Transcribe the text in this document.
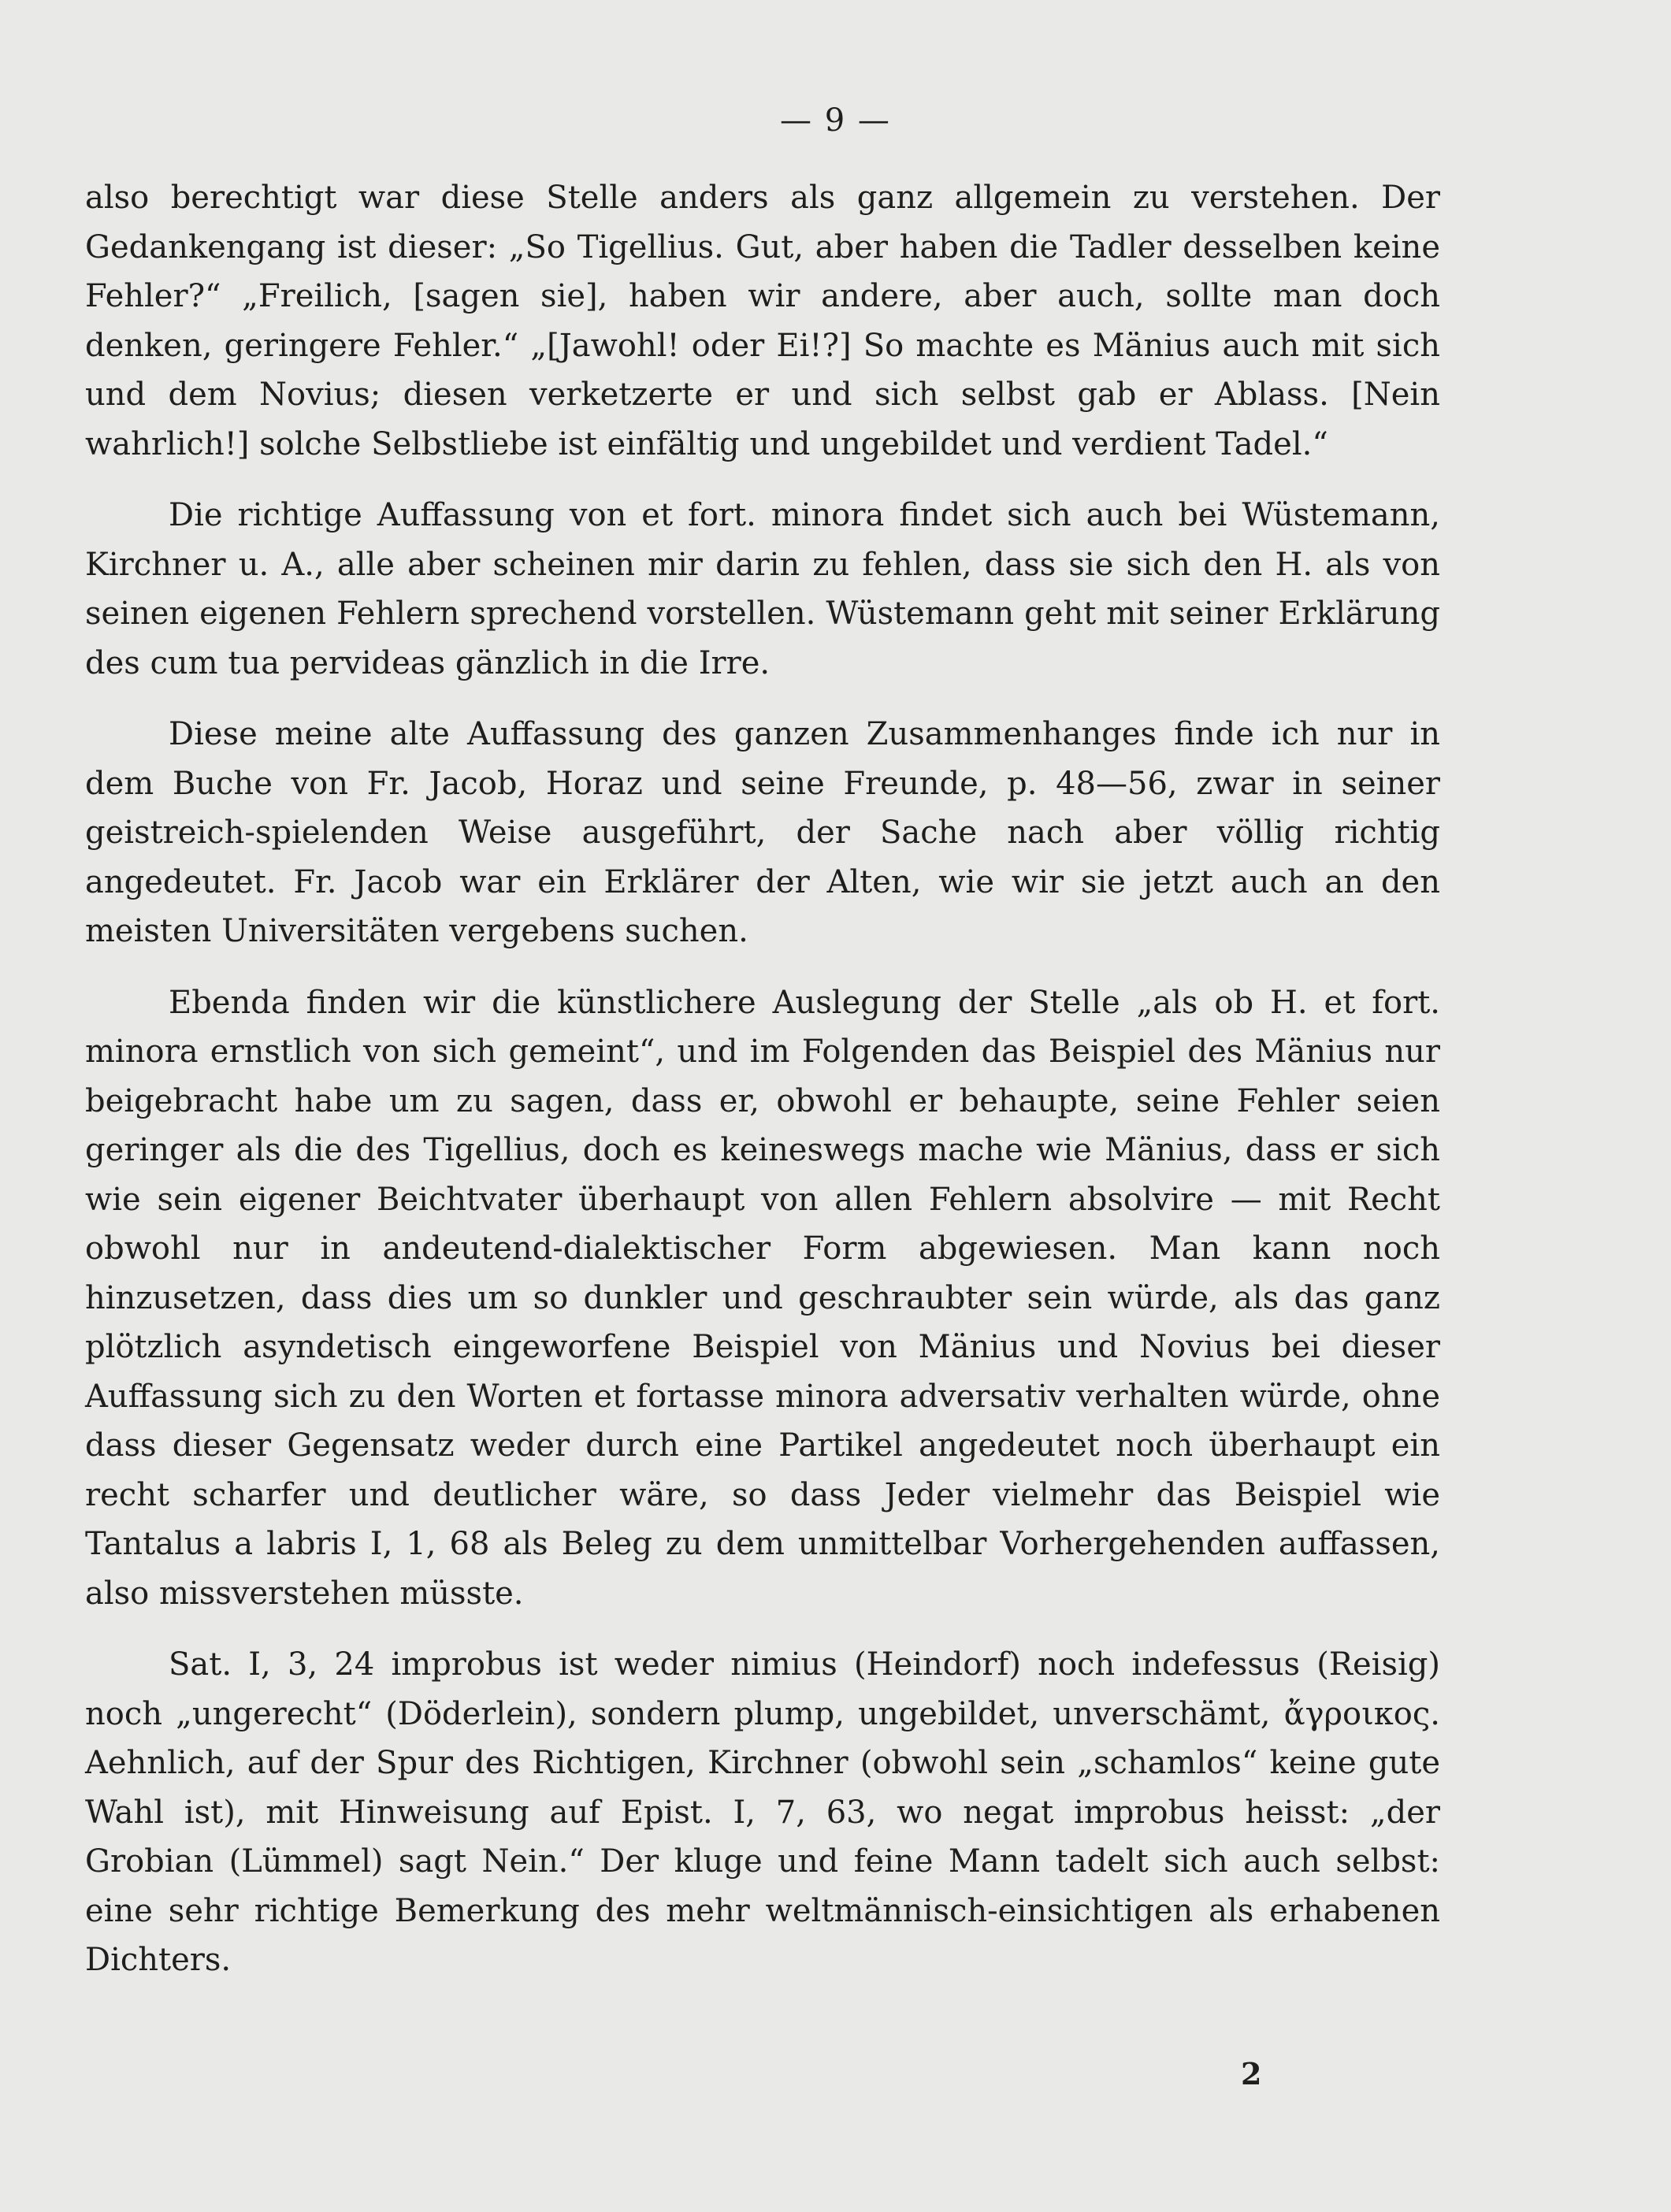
— 9 —

also berechtigt war diese Stelle anders als ganz allgemein zu verstehen. Der Gedankengang ist dieser: „So Tigellius. Gut, aber haben die Tadler desselben keine Fehler?“ „Freilich, [sagen sie], haben wir andere, aber auch, sollte man doch denken, geringere Fehler.“ „[Jawohl! oder Ei!?] So machte es Mänius auch mit sich und dem Novius; diesen verketzerte er und sich selbst gab er Ablass. [Nein wahrlich!] solche Selbstliebe ist einfältig und ungebildet und verdient Tadel.“

Die richtige Auffassung von et fort. minora findet sich auch bei Wüstemann, Kirchner u. A., alle aber scheinen mir darin zu fehlen, dass sie sich den H. als von seinen eigenen Fehlern sprechend vorstellen. Wüstemann geht mit seiner Erklärung des cum tua pervideas gänzlich in die Irre.

Diese meine alte Auffassung des ganzen Zusammenhanges finde ich nur in dem Buche von Fr. Jacob, Horaz und seine Freunde, p. 48—56, zwar in seiner geistreich-spielenden Weise ausgeführt, der Sache nach aber völlig richtig angedeutet. Fr. Jacob war ein Erklärer der Alten, wie wir sie jetzt auch an den meisten Universitäten vergebens suchen.

Ebenda finden wir die künstlichere Auslegung der Stelle „als ob H. et fort. minora ernstlich von sich gemeint“, und im Folgenden das Beispiel des Mänius nur beigebracht habe um zu sagen, dass er, obwohl er behaupte, seine Fehler seien geringer als die des Tigellius, doch es keineswegs mache wie Mänius, dass er sich wie sein eigener Beichtvater überhaupt von allen Fehlern absolvire — mit Recht obwohl nur in andeutend-dialektischer Form abgewiesen. Man kann noch hinzusetzen, dass dies um so dunkler und geschraubter sein würde, als das ganz plötzlich asyndetisch eingeworfene Beispiel von Mänius und Novius bei dieser Auffassung sich zu den Worten et fortasse minora adversativ verhalten würde, ohne dass dieser Gegensatz weder durch eine Partikel angedeutet noch überhaupt ein recht scharfer und deutlicher wäre, so dass Jeder vielmehr das Beispiel wie Tantalus a labris I, 1, 68 als Beleg zu dem unmittelbar Vorhergehenden auffassen, also missverstehen müsste.

Sat. I, 3, 24 improbus ist weder nimius (Heindorf) noch indefessus (Reisig) noch „ungerecht“ (Döderlein), sondern plump, ungebildet, unverschämt, ἄγροικος. Aehnlich, auf der Spur des Richtigen, Kirchner (obwohl sein „schamlos“ keine gute Wahl ist), mit Hinweisung auf Epist. I, 7, 63, wo negat improbus heisst: „der Grobian (Lümmel) sagt Nein.“ Der kluge und feine Mann tadelt sich auch selbst: eine sehr richtige Bemerkung des mehr weltmännisch-einsichtigen als erhabenen Dichters.

2
